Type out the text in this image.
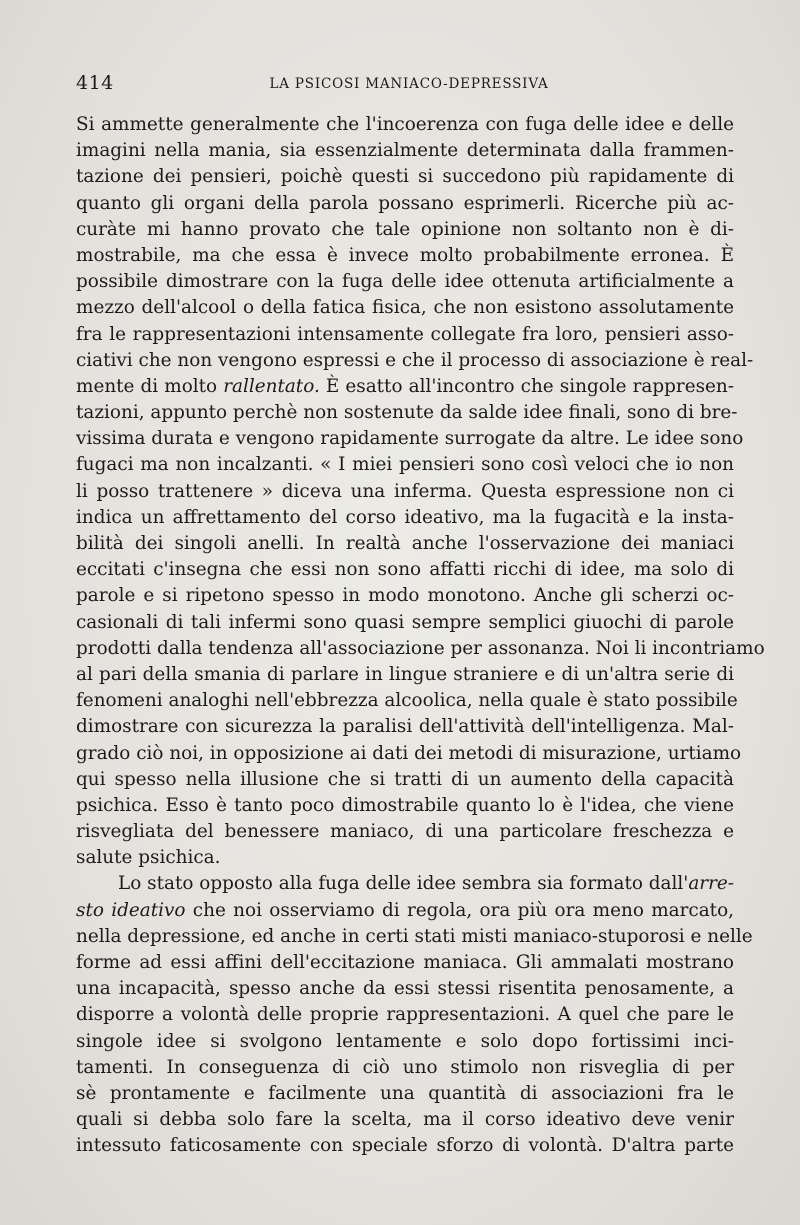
414	LA PSICOSI MANIACO-DEPRESSIVA
Si ammette generalmente che l'incoerenza con fuga delle idee e delle
imagini nella mania, sia essenzialmente determinata dalla frammen-
tazione dei pensieri, poichè questi si succedono più rapidamente di
quanto gli organi della parola possano esprimerli. Ricerche più ac-
curàte mi hanno provato che tale opinione non soltanto non è di-
mostrabile, ma che essa è invece molto probabilmente erronea. È
possibile dimostrare con la fuga delle idee ottenuta artificialmente a
mezzo dell'alcool o della fatica fisica, che non esistono assolutamente
fra le rappresentazioni intensamente collegate fra loro, pensieri asso-
ciativi che non vengono espressi e che il processo di associazione è real-
mente di molto rallentato. È esatto all'incontro che singole rappresen-
tazioni, appunto perchè non sostenute da salde idee finali, sono di bre-
vissima durata e vengono rapidamente surrogate da altre. Le idee sono
fugaci ma non incalzanti. « I miei pensieri sono così veloci che io non
li posso trattenere » diceva una inferma. Questa espressione non ci
indica un affrettamento del corso ideativo, ma la fugacità e la insta-
bilità dei singoli anelli. In realtà anche l'osservazione dei maniaci
eccitati c'insegna che essi non sono affatti ricchi di idee, ma solo di
parole e si ripetono spesso in modo monotono. Anche gli scherzi oc-
casionali di tali infermi sono quasi sempre semplici giuochi di parole
prodotti dalla tendenza all'associazione per assonanza. Noi li incontriamo
al pari della smania di parlare in lingue straniere e di un'altra serie di
fenomeni analoghi nell'ebbrezza alcoolica, nella quale è stato possibile
dimostrare con sicurezza la paralisi dell'attività dell'intelligenza. Mal-
grado ciò noi, in opposizione ai dati dei metodi di misurazione, urtiamo
qui spesso nella illusione che si tratti di un aumento della capacità
psichica. Esso è tanto poco dimostrabile quanto lo è l'idea, che viene
risvegliata del benessere maniaco, di una particolare freschezza e
salute psichica.
Lo stato opposto alla fuga delle idee sembra sia formato dall'arre-
sto ideativo che noi osserviamo di regola, ora più ora meno marcato,
nella depressione, ed anche in certi stati misti maniaco-stuporosi e nelle
forme ad essi affini dell'eccitazione maniaca. Gli ammalati mostrano
una incapacità, spesso anche da essi stessi risentita penosamente, a
disporre a volontà delle proprie rappresentazioni. A quel che pare le
singole idee si svolgono lentamente e solo dopo fortissimi inci-
tamenti. In conseguenza di ciò uno stimolo non risveglia di per
sè prontamente e facilmente una quantità di associazioni fra le
quali si debba solo fare la scelta, ma il corso ideativo deve venir
intessuto faticosamente con speciale sforzo di volontà. D'altra parte
